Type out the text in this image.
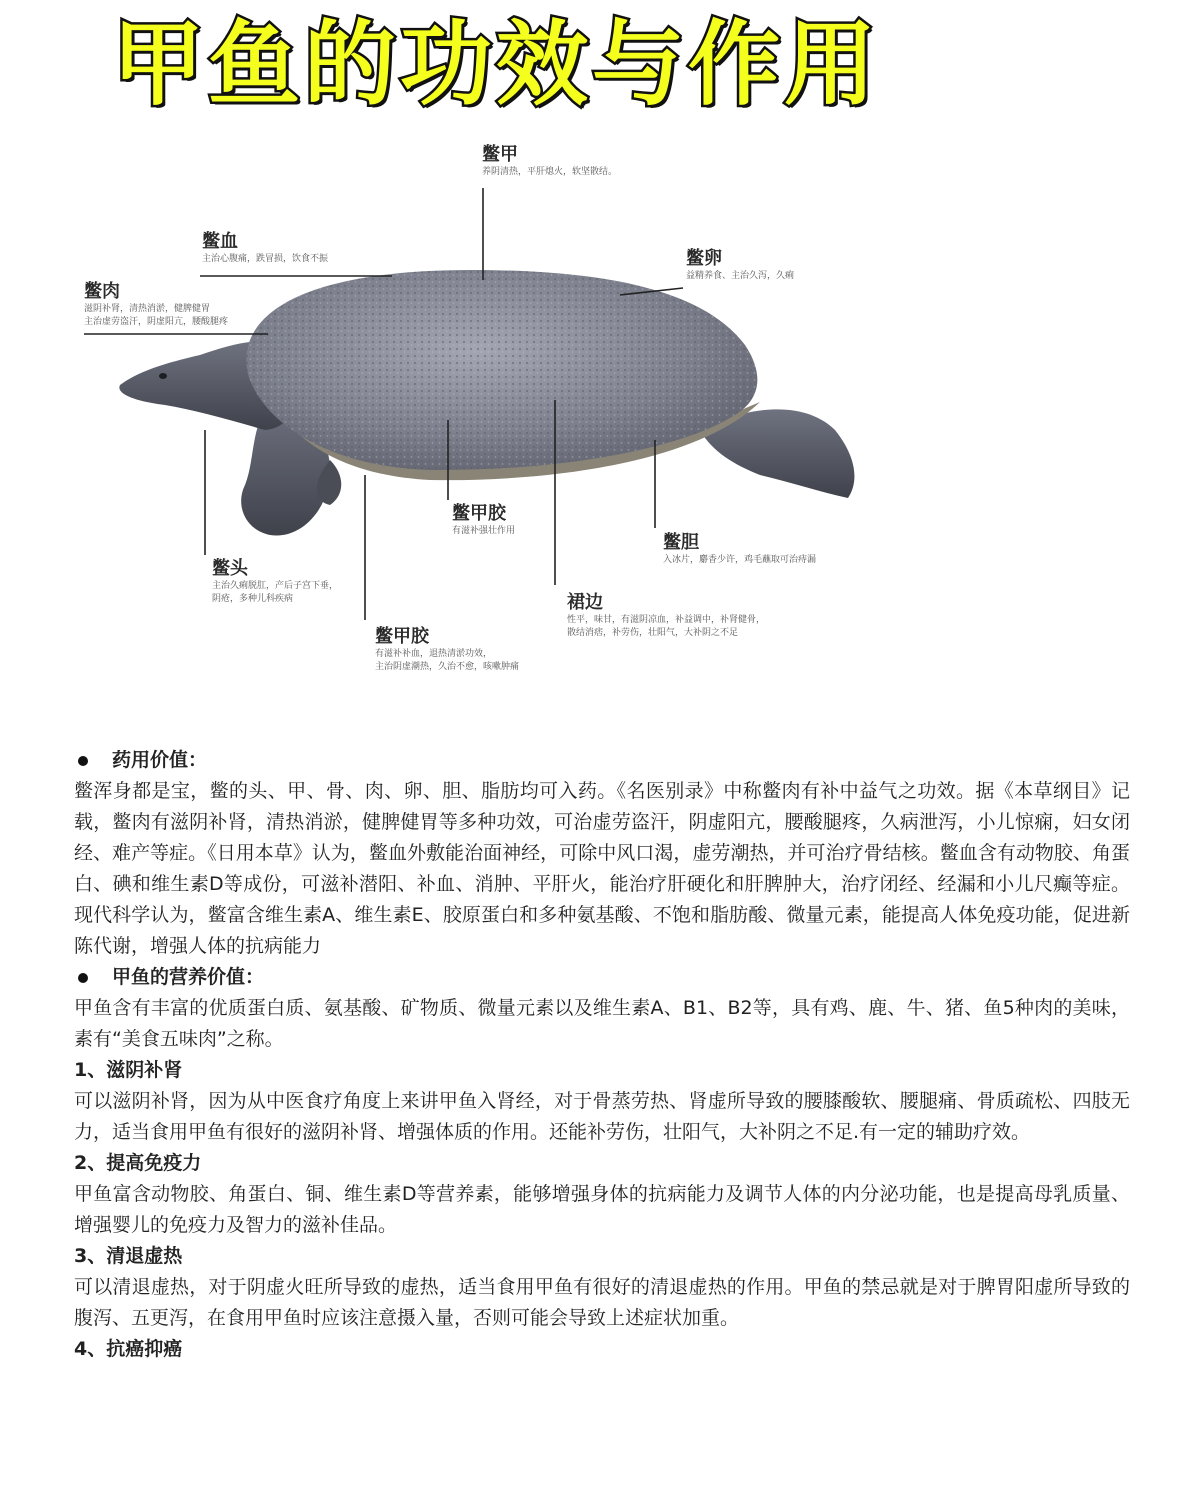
甲鱼的功效与作用
鳖甲
养阴清热，平肝熄火，软坚散结。
鳖血
主治心腹痛，跌冒损，饮食不振	鳖卵
益精养食、主治久泻，久痢
鳖肉
滋阴补肾，清热消淤，健脾健胃
主治虚劳盗汗，阴虚阳亢，腰酸腿疼
鳖甲胶
有滋补强壮作用
鳖胆
入冰片，麝香少许，鸡毛蘸取可治痔漏
鳖头
主治久痢脱肛，产后子宫下垂，
阴疮，多种儿科疾病	裙边
性平，味甘，有滋阴凉血，补益调中，补肾健骨，
散结消痞，补劳伤，壮阳气，大补阴之不足
鳖甲胶
有滋补补血，退热清淤功效，
主治阴虚潮热，久治不愈，咳嗽肿痛
药用价值：

鳖浑身都是宝，鳖的头、甲、骨、肉、卵、胆、脂肪均可入药。《名医别录》中称鳖肉有补中益气之功效。据《本草纲目》记载，鳖肉有滋阴补肾，清热消淤，健脾健胃等多种功效，可治虚劳盗汗，阴虚阳亢，腰酸腿疼，久病泄泻，小儿惊痫，妇女闭经、难产等症。《日用本草》认为，鳖血外敷能治面神经，可除中风口渴，虚劳潮热，并可治疗骨结核。鳖血含有动物胶、角蛋白、碘和维生素D等成份，可滋补潜阳、补血、消肿、平肝火，能治疗肝硬化和肝脾肿大，治疗闭经、经漏和小儿尺癫等症。现代科学认为，鳖富含维生素A、维生素E、胶原蛋白和多种氨基酸、不饱和脂肪酸、微量元素，能提高人体免疫功能，促进新陈代谢，增强人体的抗病能力

甲鱼的营养价值：

甲鱼含有丰富的优质蛋白质、氨基酸、矿物质、微量元素以及维生素A、B1、B2等，具有鸡、鹿、牛、猪、鱼5种肉的美味，素有“美食五味肉”之称。

1、滋阴补肾

可以滋阴补肾，因为从中医食疗角度上来讲甲鱼入肾经，对于骨蒸劳热、肾虚所导致的腰膝酸软、腰腿痛、骨质疏松、四肢无力，适当食用甲鱼有很好的滋阴补肾、增强体质的作用。还能补劳伤，壮阳气，大补阴之不足.有一定的辅助疗效。

2、提高免疫力

甲鱼富含动物胶、角蛋白、铜、维生素D等营养素，能够增强身体的抗病能力及调节人体的内分泌功能，也是提高母乳质量、增强婴儿的免疫力及智力的滋补佳品。

3、清退虚热

可以清退虚热，对于阴虚火旺所导致的虚热，适当食用甲鱼有很好的清退虚热的作用。甲鱼的禁忌就是对于脾胃阳虚所导致的腹泻、五更泻，在食用甲鱼时应该注意摄入量，否则可能会导致上述症状加重。

4、抗癌抑癌
